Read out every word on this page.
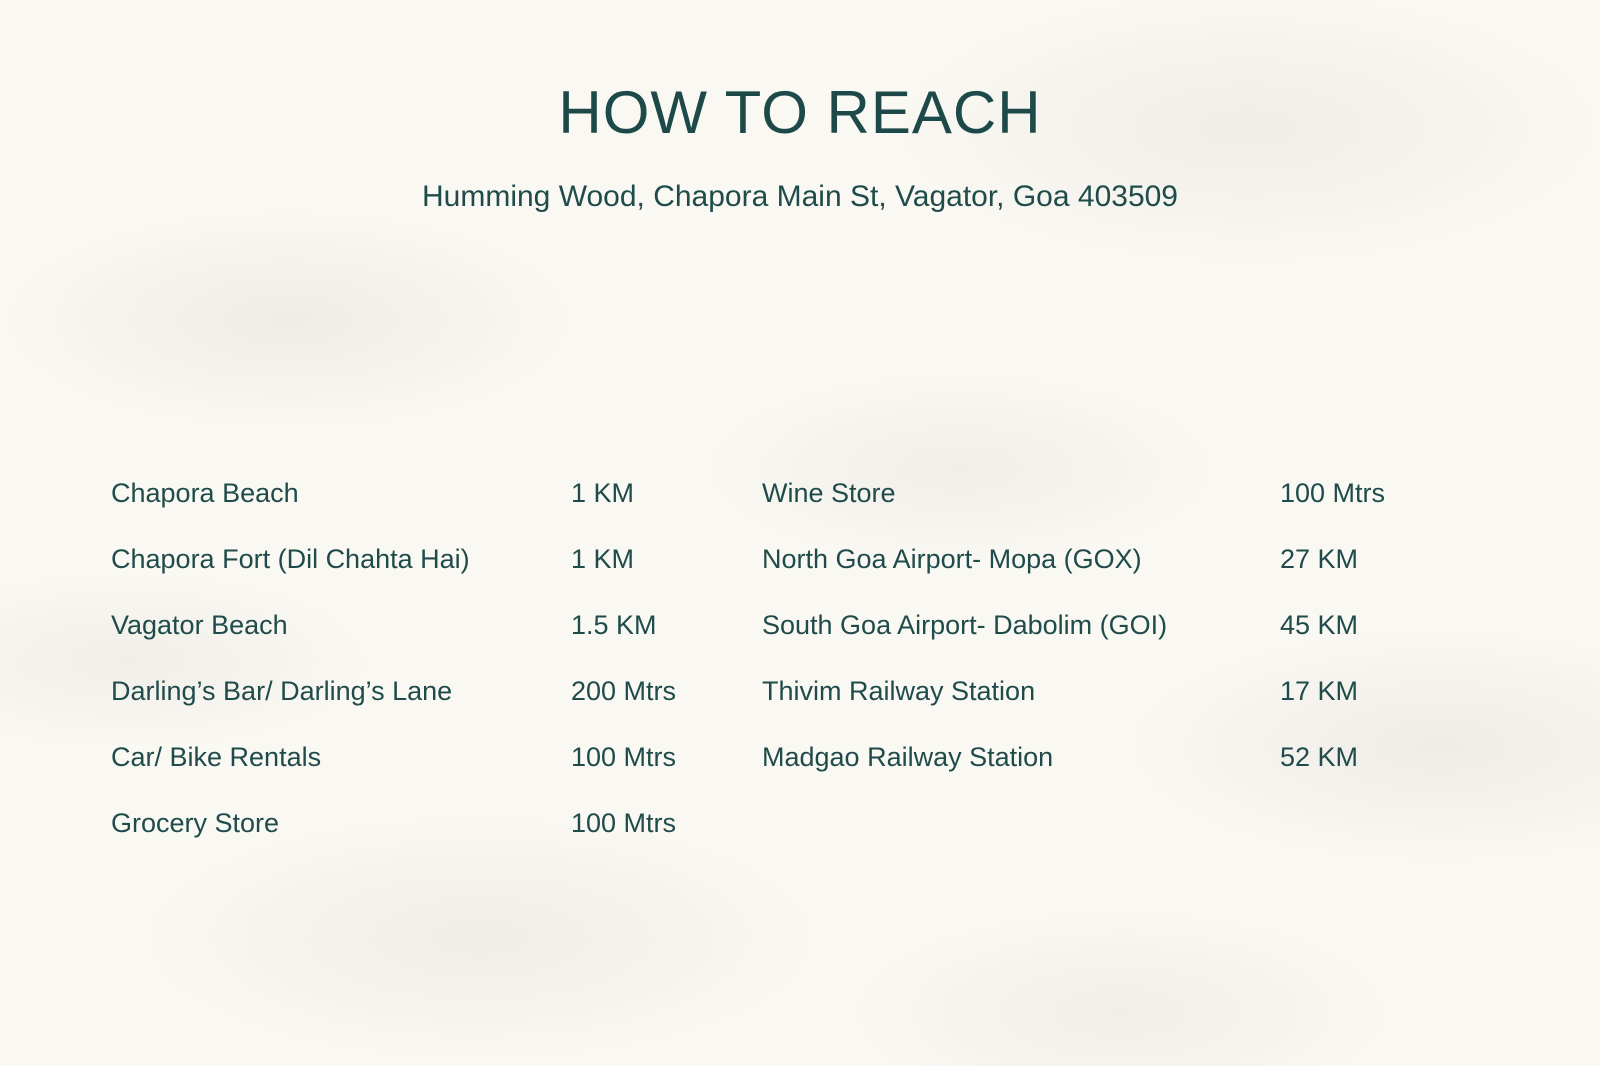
HOW TO REACH

Humming Wood, Chapora Main St, Vagator, Goa 403509

Chapora Beach	1 KM
Chapora Fort (Dil Chahta Hai)	1 KM
Vagator Beach	1.5 KM
Darling’s Bar/ Darling’s Lane	200 Mtrs
Car/ Bike Rentals	100 Mtrs
Grocery Store	100 Mtrs
Wine Store	100 Mtrs
North Goa Airport- Mopa (GOX)	27 KM
South Goa Airport- Dabolim (GOI)	45 KM
Thivim Railway Station	17 KM
Madgao Railway Station	52 KM
